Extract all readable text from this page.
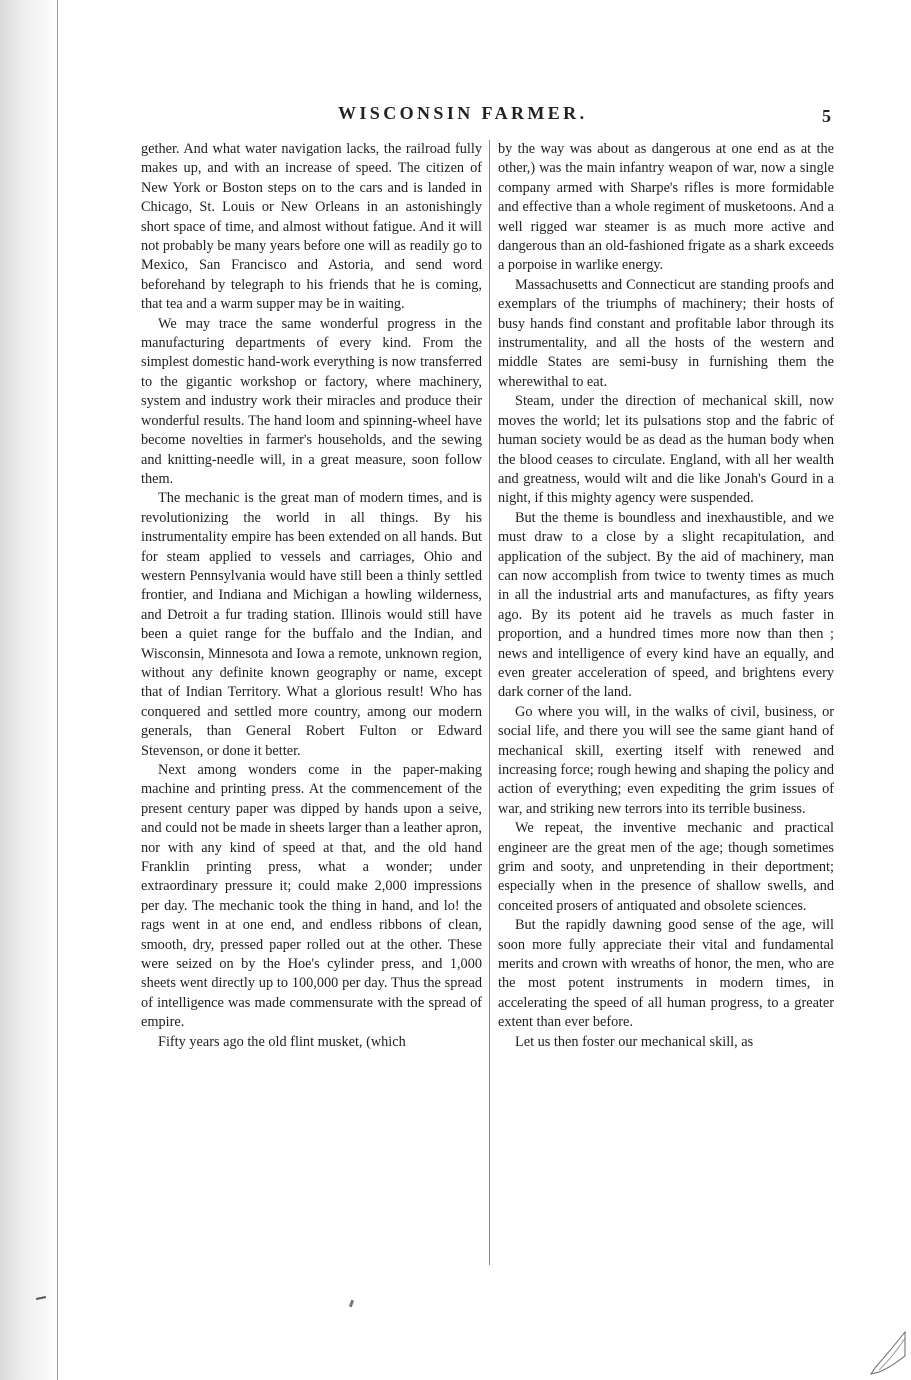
WISCONSIN FARMER.	5

gether. And what water navigation lacks, the railroad fully makes up, and with an increase of speed. The citizen of New York or Boston steps on to the cars and is landed in Chicago, St. Louis or New Orleans in an astonishingly short space of time, and almost without fatigue. And it will not probably be many years before one will as readily go to Mexico, San Francisco and Astoria, and send word beforehand by telegraph to his friends that he is coming, that tea and a warm supper may be in waiting.

We may trace the same wonderful progress in the manufacturing departments of every kind. From the simplest domestic hand-work everything is now transferred to the gigantic workshop or factory, where machinery, system and industry work their miracles and produce their wonderful results. The hand loom and spinning-wheel have become novelties in farmer's households, and the sewing and knitting-needle will, in a great measure, soon follow them.

The mechanic is the great man of modern times, and is revolutionizing the world in all things. By his instrumentality empire has been extended on all hands. But for steam applied to vessels and carriages, Ohio and western Pennsylvania would have still been a thinly settled frontier, and Indiana and Michigan a howling wilderness, and Detroit a fur trading station. Illinois would still have been a quiet range for the buffalo and the Indian, and Wisconsin, Minnesota and Iowa a remote, unknown region, without any definite known geography or name, except that of Indian Territory. What a glorious result! Who has conquered and settled more country, among our modern generals, than General Robert Fulton or Edward Stevenson, or done it better.

Next among wonders come in the paper-making machine and printing press. At the commencement of the present century paper was dipped by hands upon a seive, and could not be made in sheets larger than a leather apron, nor with any kind of speed at that, and the old hand Franklin printing press, what a wonder; under extraordinary pressure it; could make 2,000 impressions per day. The mechanic took the thing in hand, and lo! the rags went in at one end, and endless ribbons of clean, smooth, dry, pressed paper rolled out at the other. These were seized on by the Hoe's cylinder press, and 1,000 sheets went directly up to 100,000 per day. Thus the spread of intelligence was made commensurate with the spread of empire.

Fifty years ago the old flint musket, (which

by the way was about as dangerous at one end as at the other,) was the main infantry weapon of war, now a single company armed with Sharpe's rifles is more formidable and effective than a whole regiment of musketoons. And a well rigged war steamer is as much more active and dangerous than an old-fashioned frigate as a shark exceeds a porpoise in warlike energy.

Massachusetts and Connecticut are standing proofs and exemplars of the triumphs of machinery; their hosts of busy hands find constant and profitable labor through its instrumentality, and all the hosts of the western and middle States are semi-busy in furnishing them the wherewithal to eat.

Steam, under the direction of mechanical skill, now moves the world; let its pulsations stop and the fabric of human society would be as dead as the human body when the blood ceases to circulate. England, with all her wealth and greatness, would wilt and die like Jonah's Gourd in a night, if this mighty agency were suspended.

But the theme is boundless and inexhaustible, and we must draw to a close by a slight recapitulation, and application of the subject. By the aid of machinery, man can now accomplish from twice to twenty times as much in all the industrial arts and manufactures, as fifty years ago. By its potent aid he travels as much faster in proportion, and a hundred times more now than then ; news and intelligence of every kind have an equally, and even greater acceleration of speed, and brightens every dark corner of the land.

Go where you will, in the walks of civil, business, or social life, and there you will see the same giant hand of mechanical skill, exerting itself with renewed and increasing force; rough hewing and shaping the policy and action of everything; even expediting the grim issues of war, and striking new terrors into its terrible business.

We repeat, the inventive mechanic and practical engineer are the great men of the age; though sometimes grim and sooty, and unpretending in their deportment; especially when in the presence of shallow swells, and conceited prosers of antiquated and obsolete sciences.

But the rapidly dawning good sense of the age, will soon more fully appreciate their vital and fundamental merits and crown with wreaths of honor, the men, who are the most potent instruments in modern times, in accelerating the speed of all human progress, to a greater extent than ever before.

Let us then foster our mechanical skill, as
